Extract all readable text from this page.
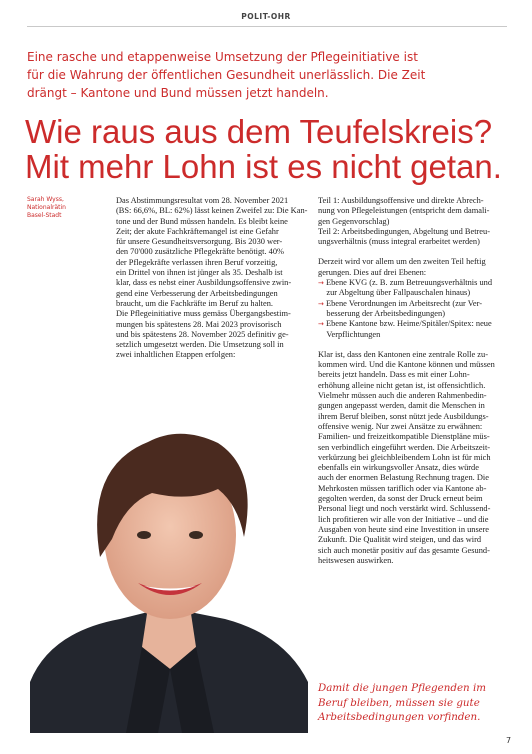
POLIT-OHR

Eine rasche und etappenweise Umsetzung der Pflegeinitiative ist

für die Wahrung der öffentlichen Gesundheit unerlässlich. Die Zeit

drängt – Kantone und Bund müssen jetzt handeln.

Wie raus aus dem Teufelskreis?
Mit mehr Lohn ist es nicht getan.
Sarah Wyss,
Nationalrätin
Basel-Stadt

Das Abstimmungsresultat vom 28. November 2021

(BS: 66,6%, BL: 62%) lässt keinen Zweifel zu: Die Kan-

tone und der Bund müssen handeln. Es bleibt keine

Zeit; der akute Fachkräftemangel ist eine Gefahr

für unsere Gesundheitsversorgung. Bis 2030 wer-

den 70'000 zusätzliche Pflegekräfte benötigt. 40%

der Pflegekräfte verlassen ihren Beruf vorzeitig,

ein Drittel von ihnen ist jünger als 35. Deshalb ist

klar, dass es nebst einer Ausbildungsoffensive zwin-

gend eine Verbesserung der Arbeitsbedingungen

braucht, um die Fachkräfte im Beruf zu halten.

Die Pflegeinitiative muss gemäss Übergangsbestim-

mungen bis spätestens 28. Mai 2023 provisorisch

und bis spätestens 28. November 2025 definitiv ge-

setzlich umgesetzt werden. Die Umsetzung soll in

zwei inhaltlichen Etappen erfolgen:

Teil 1: Ausbildungsoffensive und direkte Abrech-

nung von Pflegeleistungen (entspricht dem damali-

gen Gegenvorschlag)

Teil 2: Arbeitsbedingungen, Abgeltung und Betreu-

ungsverhältnis (muss integral erarbeitet werden)

Derzeit wird vor allem um den zweiten Teil heftig

gerungen. Dies auf drei Ebenen:

→ Ebene KVG (z. B. zum Betreuungsverhältnis und

zur Abgeltung über Fallpauschalen hinaus)

→ Ebene Verordnungen im Arbeitsrecht (zur Ver-

besserung der Arbeitsbedingungen)

→ Ebene Kantone bzw. Heime/Spitäler/Spitex: neue

Verpflichtungen

Klar ist, dass den Kantonen eine zentrale Rolle zu-

kommen wird. Und die Kantone können und müssen

bereits jetzt handeln. Dass es mit einer Lohn-

erhöhung alleine nicht getan ist, ist offensichtlich.

Vielmehr müssen auch die anderen Rahmenbedin-

gungen angepasst werden, damit die Menschen in

ihrem Beruf bleiben, sonst nützt jede Ausbildungs-

offensive wenig. Nur zwei Ansätze zu erwähnen:

Familien- und freizeitkompatible Dienstpläne müs-

sen verbindlich eingeführt werden. Die Arbeitszeit-

verkürzung bei gleichbleibendem Lohn ist für mich

ebenfalls ein wirkungsvoller Ansatz, dies würde

auch der enormen Belastung Rechnung tragen. Die

Mehrkosten müssen tariflich oder via Kantone ab-

gegolten werden, da sonst der Druck erneut beim

Personal liegt und noch verstärkt wird. Schlussend-

lich profitieren wir alle von der Initiative – und die

Ausgaben von heute sind eine Investition in unsere

Zukunft. Die Qualität wird steigen, und das wird

sich auch monetär positiv auf das gesamte Gesund-

heitswesen auswirken.

Damit die jungen Pflegenden im
Beruf bleiben, müssen sie gute
Arbeitsbedingungen vorfinden.
7
